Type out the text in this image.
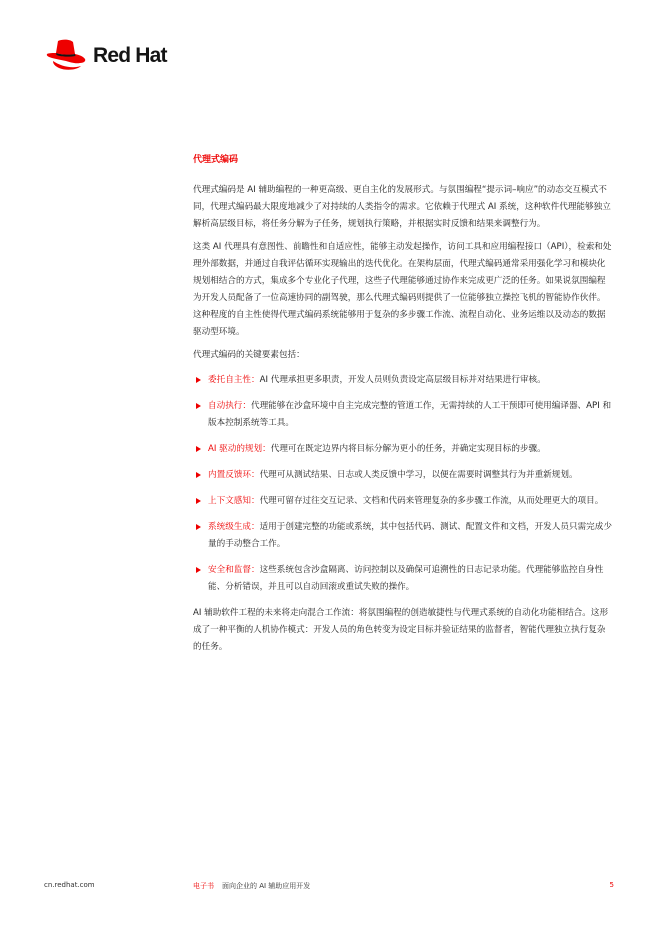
Red Hat
代理式编码

代理式编码是 AI 辅助编程的一种更高级、更自主化的发展形式。与氛围编程“提示词–响应”的动态交互模式不同，代理式编码最大限度地减少了对持续的人类指令的需求。它依赖于代理式 AI 系统，这种软件代理能够独立解析高层级目标，将任务分解为子任务，规划执行策略，并根据实时反馈和结果来调整行为。

这类 AI 代理具有意图性、前瞻性和自适应性，能够主动发起操作，访问工具和应用编程接口（API），检索和处理外部数据，并通过自我评估循环实现输出的迭代优化。在架构层面，代理式编码通常采用强化学习和模块化规划相结合的方式，集成多个专业化子代理，这些子代理能够通过协作来完成更广泛的任务。如果说氛围编程为开发人员配备了一位高速协同的副驾驶，那么代理式编码则提供了一位能够独立操控飞机的智能协作伙伴。这种程度的自主性使得代理式编码系统能够用于复杂的多步骤工作流、流程自动化、业务运维以及动态的数据驱动型环境。

代理式编码的关键要素包括：

委托自主性：AI 代理承担更多职责，开发人员则负责设定高层级目标并对结果进行审核。
自动执行：代理能够在沙盒环境中自主完成完整的管道工作，无需持续的人工干预即可使用编译器、API 和版本控制系统等工具。
AI 驱动的规划：代理可在既定边界内将目标分解为更小的任务，并确定实现目标的步骤。
内置反馈环：代理可从测试结果、日志或人类反馈中学习，以便在需要时调整其行为并重新规划。
上下文感知：代理可留存过往交互记录、文档和代码来管理复杂的多步骤工作流，从而处理更大的项目。
系统级生成：适用于创建完整的功能或系统，其中包括代码、测试、配置文件和文档，开发人员只需完成少量的手动整合工作。
安全和监督：这些系统包含沙盒隔离、访问控制以及确保可追溯性的日志记录功能。代理能够监控自身性能、分析错误，并且可以自动回滚或重试失败的操作。

AI 辅助软件工程的未来将走向混合工作流：将氛围编程的创造敏捷性与代理式系统的自动化功能相结合。这形成了一种平衡的人机协作模式：开发人员的角色转变为设定目标并验证结果的监督者，智能代理独立执行复杂的任务。

cn.redhat.com	电子书 面向企业的 AI 辅助应用开发	5
